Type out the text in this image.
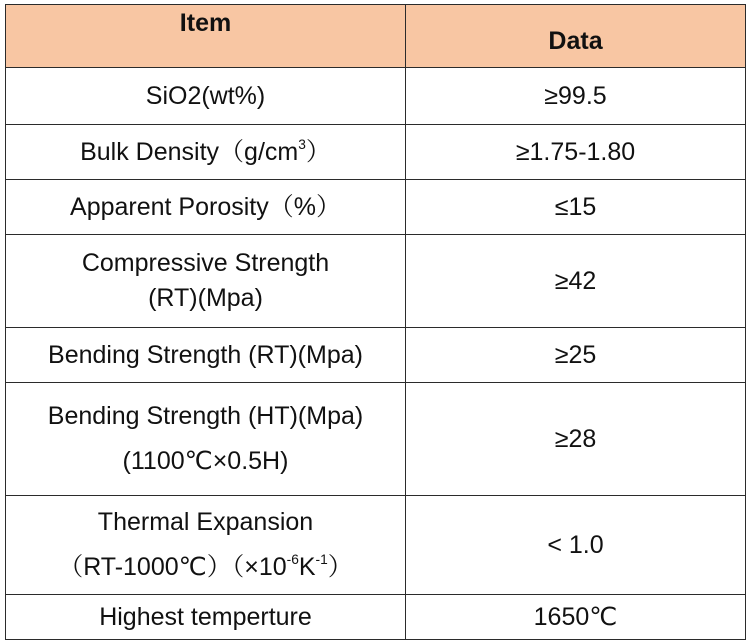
Item	Data

SiO2(wt%)	≥99.5
Bulk $Density(g/cm^3)$	≥1.75-1.80

Apparent Porosity（%）	≤15

Compressive Strength
(RT)(Mpa)	≥42

Bending Strength (RT)(Mpa)	≥25

Bending Strength (HT)(Mpa)
(1100℃×0.5H)	≥28

Thermal Expansion
$(RT-1000℃)(\times 10^{-6}K^{-1})$	< 1.0

Highest temperture	1650℃
